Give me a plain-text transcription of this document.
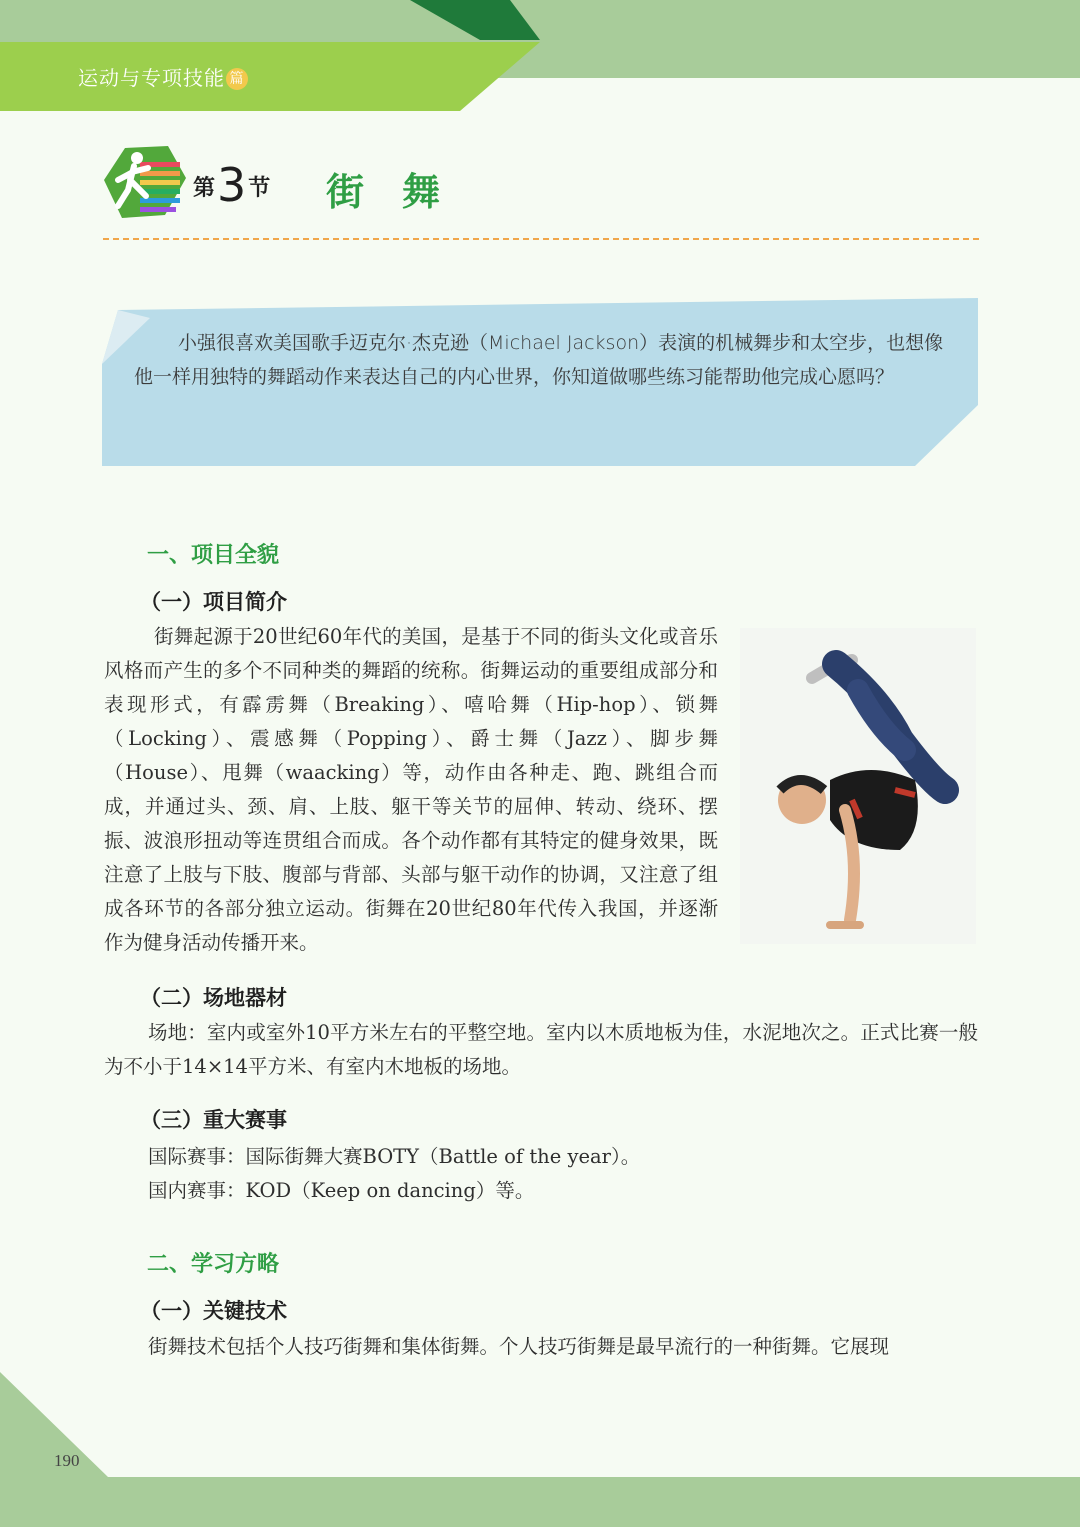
运动与专项技能 篇
第3节 街舞
小强很喜欢美国歌手迈克尔·杰克逊（Michael Jackson）表演的机械舞步和太空步，也想像他一样用独特的舞蹈动作来表达自己的内心世界，你知道做哪些练习能帮助他完成心愿吗？
一、项目全貌
（一）项目简介
街舞起源于20世纪60年代的美国，是基于不同的街头文化或音乐风格而产生的多个不同种类的舞蹈的统称。街舞运动的重要组成部分和表现形式，有霹雳舞（Breaking）、嘻哈舞（Hip-hop）、锁舞（Locking）、震感舞（Popping）、爵士舞（Jazz）、脚步舞（House）、甩舞（waacking）等，动作由各种走、跑、跳组合而成，并通过头、颈、肩、上肢、躯干等关节的屈伸、转动、绕环、摆振、波浪形扭动等连贯组合而成。各个动作都有其特定的健身效果，既注意了上肢与下肢、腹部与背部、头部与躯干动作的协调，又注意了组成各环节的各部分独立运动。街舞在20世纪80年代传入我国，并逐渐作为健身活动传播开来。
（二）场地器材
场地：室内或室外10平方米左右的平整空地。室内以木质地板为佳，水泥地次之。正式比赛一般为不小于14×14平方米、有室内木地板的场地。
（三）重大赛事
国际赛事：国际街舞大赛BOTY（Battle of the year）。
国内赛事：KOD（Keep on dancing）等。
二、学习方略
（一）关键技术
街舞技术包括个人技巧街舞和集体街舞。个人技巧街舞是最早流行的一种街舞。它展现
190
